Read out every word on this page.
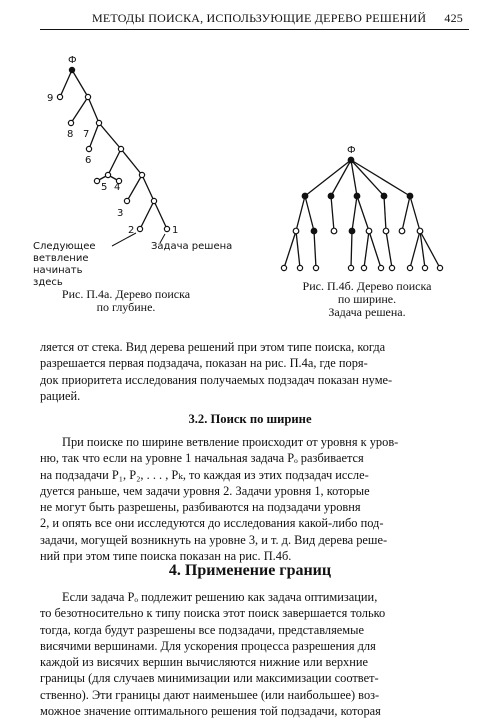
МЕТОДЫ ПОИСКА, ИСПОЛЬЗУЮЩИЕ ДЕРЕВО РЕШЕНИЙ 425
Ф
9
8 7
6
5 4
3
2	1
Ф
Следующее
ветвление начинать
здесь
Задача решена
Рис. П.4а. Дерево поиска
по глубине.
Рис. П.4б. Дерево поиска
по ширине.
Задача решена.
ляется от стека. Вид дерева решений при этом типе поиска, когда
разрешается первая подзадача, показан на рис. П.4а, где поря-
док приоритета исследования получаемых подзадач показан нуме-
рацией.
3.2. Поиск по ширине
При поиске по ширине ветвление происходит от уровня к уров-
ню, так что если на уровне 1 начальная задача Pₒ разбивается
на подзадачи P₁, P₂, . . . , Pₖ, то каждая из этих подзадач иссле-
дуется раньше, чем задачи уровня 2. Задачи уровня 1, которые
не могут быть разрешены, разбиваются на подзадачи уровня
2, и опять все они исследуются до исследования какой-либо под-
задачи, могущей возникнуть на уровне 3, и т. д. Вид дерева реше-
ний при этом типе поиска показан на рис. П.4б.
4. Применение границ
Если задача Pₒ подлежит решению как задача оптимизации,
то безотносительно к типу поиска этот поиск завершается только
тогда, когда будут разрешены все подзадачи, представляемые
висячими вершинами. Для ускорения процесса разрешения для
каждой из висячих вершин вычисляются нижние или верхние
границы (для случаев минимизации или максимизации соответ-
ственно). Эти границы дают наименьшее (или наибольшее) воз-
можное значение оптимального решения той подзадачи, которая
